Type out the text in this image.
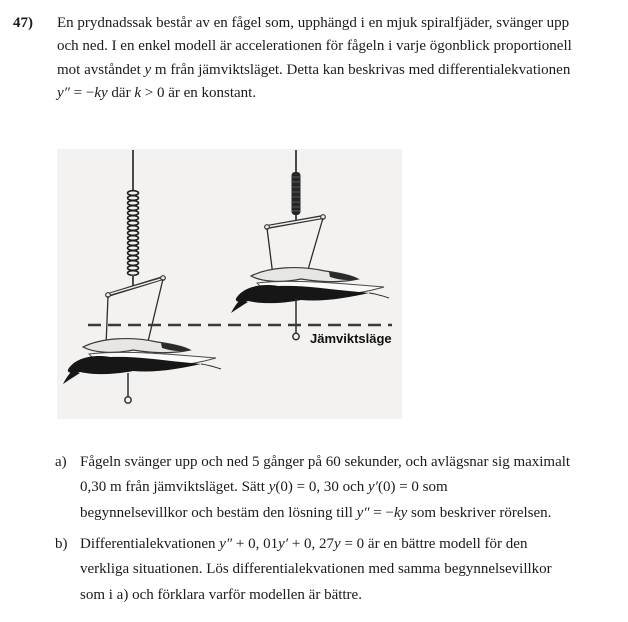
47) En prydnadssak består av en fågel som, upphängd i en mjuk spiralfjäder, svänger upp
och ned. I en enkel modell är accelerationen för fågeln i varje ögonblick proportionell
mot avståndet y m från jämviktsläget. Detta kan beskrivas med differentialekvationen
y″ = −ky där k > 0 är en konstant.
Jämviktsläge
a) Fågeln svänger upp och ned 5 gånger på 60 sekunder, och avlägsnar sig maximalt
0,30 m från jämviktsläget. Sätt y(0) = 0, 30 och y′(0) = 0 som
begynnelsevillkor och bestäm den lösning till y″ = −ky som beskriver rörelsen.
b) Differentialekvationen y″ + 0, 01y′ + 0, 27y = 0 är en bättre modell för den
verkliga situationen. Lös differentialekvationen med samma begynnelsevillkor
som i a) och förklara varför modellen är bättre.
